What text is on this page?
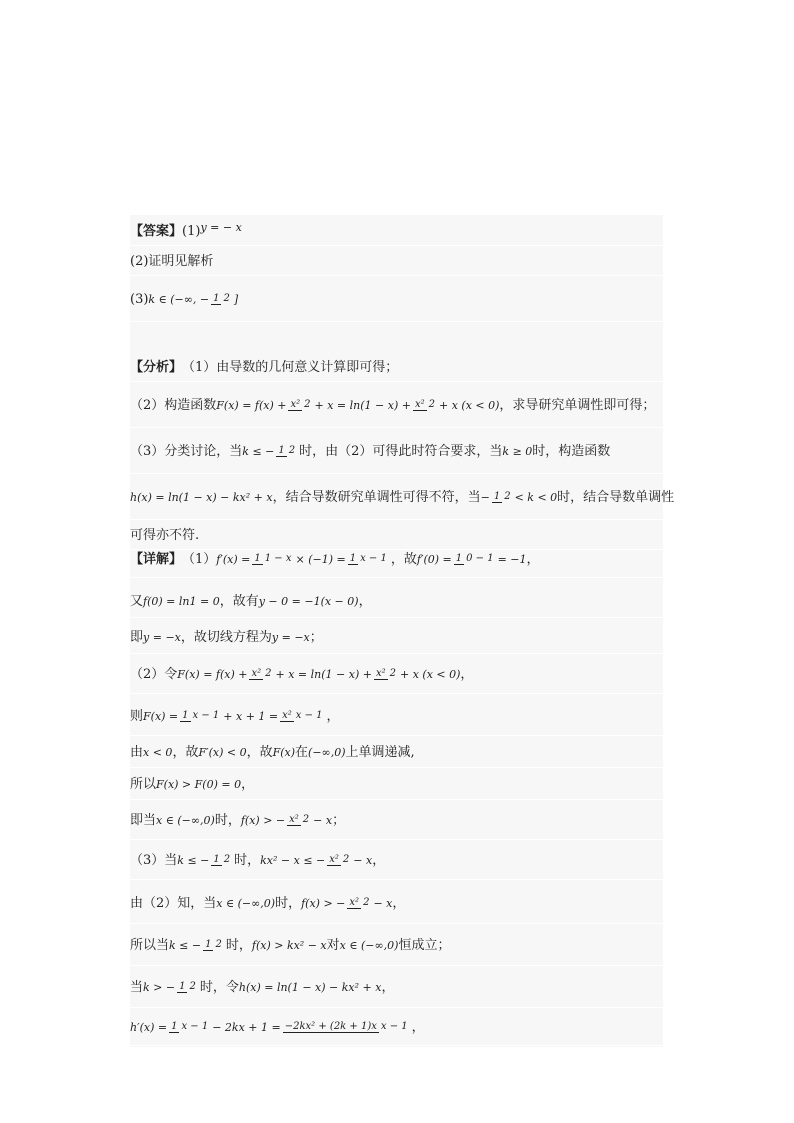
【答案】 (1) y = − x
(2)证明见解析
(3) k ∈ (−∞, − 1 2 ]
【分析】 （1）由导数的几何意义计算即可得；
（2）构造函数 F(x) = f(x) + x² 2 + x = ln(1 − x) + x² 2 + x (x < 0) ，求导研究单调性即可得；
（3）分类讨论，当 k ≤ − 1 2 时，由（2）可得此时符合要求，当 k ≥ 0 时，构造函数
h(x) = ln(1 − x) − kx² + x ，结合导数研究单调性可得不符，当 − 1 2 < k < 0 时，结合导数单调性
可得亦不符.
【详解】 （1） f′(x) = 1 1 − x × (−1) = 1 x − 1 ，故 f′(0) = 1 0 − 1 = −1 ，
又 f(0) = ln1 = 0 ，故有 y − 0 = −1(x − 0) ，
即 y = −x ，故切线方程为 y = −x ；
（2）令 F(x) = f(x) + x² 2 + x = ln(1 − x) + x² 2 + x (x < 0) ，
则 F(x) = 1 x − 1 + x + 1 = x² x − 1 ，
由 x < 0 ，故 F′(x) < 0 ，故 F(x) 在 (−∞,0) 上单调递减,
所以 F(x) > F(0) = 0 ，
即当 x ∈ (−∞,0) 时， f(x) > − x² 2 − x ；
（3）当 k ≤ − 1 2 时， kx² − x ≤ − x² 2 − x ，
由（2）知，当 x ∈ (−∞,0) 时， f(x) > − x² 2 − x ，
所以当 k ≤ − 1 2 时， f(x) > kx² − x 对 x ∈ (−∞,0) 恒成立；
当 k > − 1 2 时，令 h(x) = ln(1 − x) − kx² + x ，
h′(x) = 1 x − 1 − 2kx + 1 = −2kx² + (2k + 1)x x − 1 ，
